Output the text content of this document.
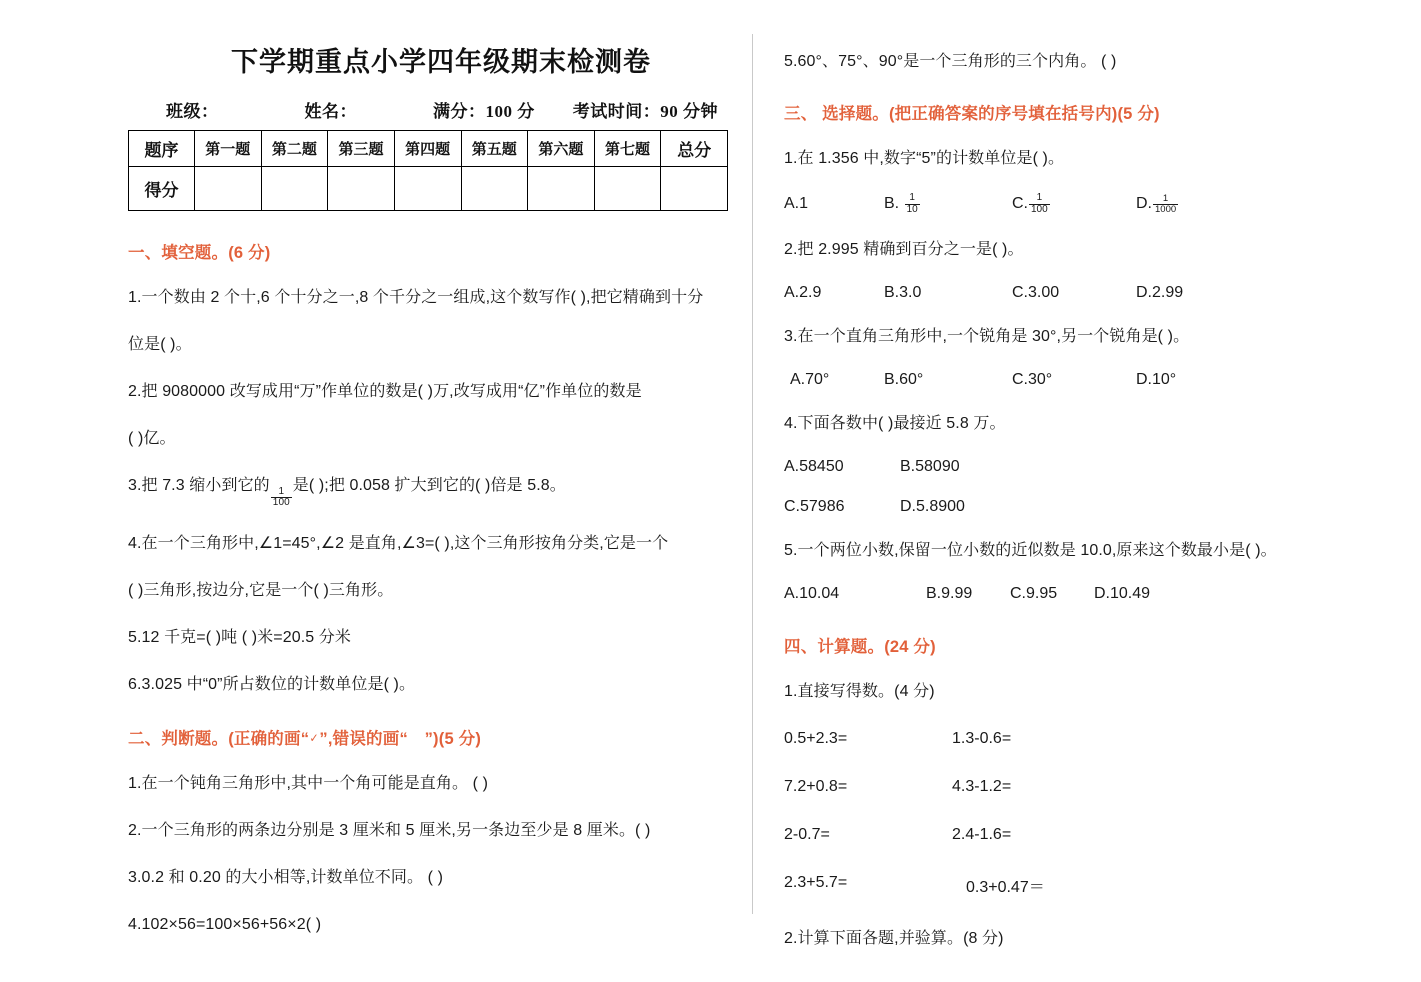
下学期重点小学四年级期末检测卷
班级：	姓名：	满分：100 分 考试时间：90 分钟
题序	第一题	第二题	第三题	第四题	第五题	第六题	第七题	总分
得分								
一、填空题。(6 分)
1.一个数由 2 个十,6 个十分之一,8 个千分之一组成,这个数写作( ),把它精确到十分
位是( )。
2.把 9080000 改写成用“万”作单位的数是( )万,改写成用“亿”作单位的数是
( )亿。
3.把 7.3 缩小到它的
$\frac{1}{100}$
是( );把 0.058 扩大到它的( )倍是 5.8。
4.在一个三角形中,∠1=45°,∠2 是直角,∠3=( ),这个三角形按角分类,它是一个
( )三角形,按边分,它是一个( )三角形。
5.12 千克=( )吨 ( )米=20.5 分米
6.3.025 中“0”所占数位的计数单位是( )。
二、判断题。(正确的画“✓”,错误的画“　”)(5 分)
1.在一个钝角三角形中,其中一个角可能是直角。 ( )
2.一个三角形的两条边分别是 3 厘米和 5 厘米,另一条边至少是 8 厘米。( )
3.0.2 和 0.20 的大小相等,计数单位不同。 ( )
4.102×56=100×56+56×2( )
5.60°、75°、90°是一个三角形的三个内角。 ( )
三、 选择题。(把正确答案的序号填在括号内)(5 分)
1.在 1.356 中,数字“5”的计数单位是( )。
A.1	B.
$\frac{1}{10}$	C. $\frac{1}{100}$	D. $\frac{1}{1000}$
2.把 2.995 精确到百分之一是( )。
A.2.9	B.3.0	C.3.00	D.2.99
3.在一个直角三角形中,一个锐角是 30°,另一个锐角是( )。
A.70°	B.60°	C.30°	D.10°
4.下面各数中( )最接近 5.8 万。
A.58450	B.58090
C.57986	D.5.8900
5.一个两位小数,保留一位小数的近似数是 10.0,原来这个数最小是( )。
A.10.04	B.9.99	C.9.95	D.10.49
四、计算题。(24 分)
1.直接写得数。(4 分)
0.5+2.3=	1.3-0.6=
7.2+0.8=	4.3-1.2=
2-0.7=	2.4-1.6=
2.3+5.7=	0.3+0.47＝
2.计算下面各题,并验算。(8 分)
